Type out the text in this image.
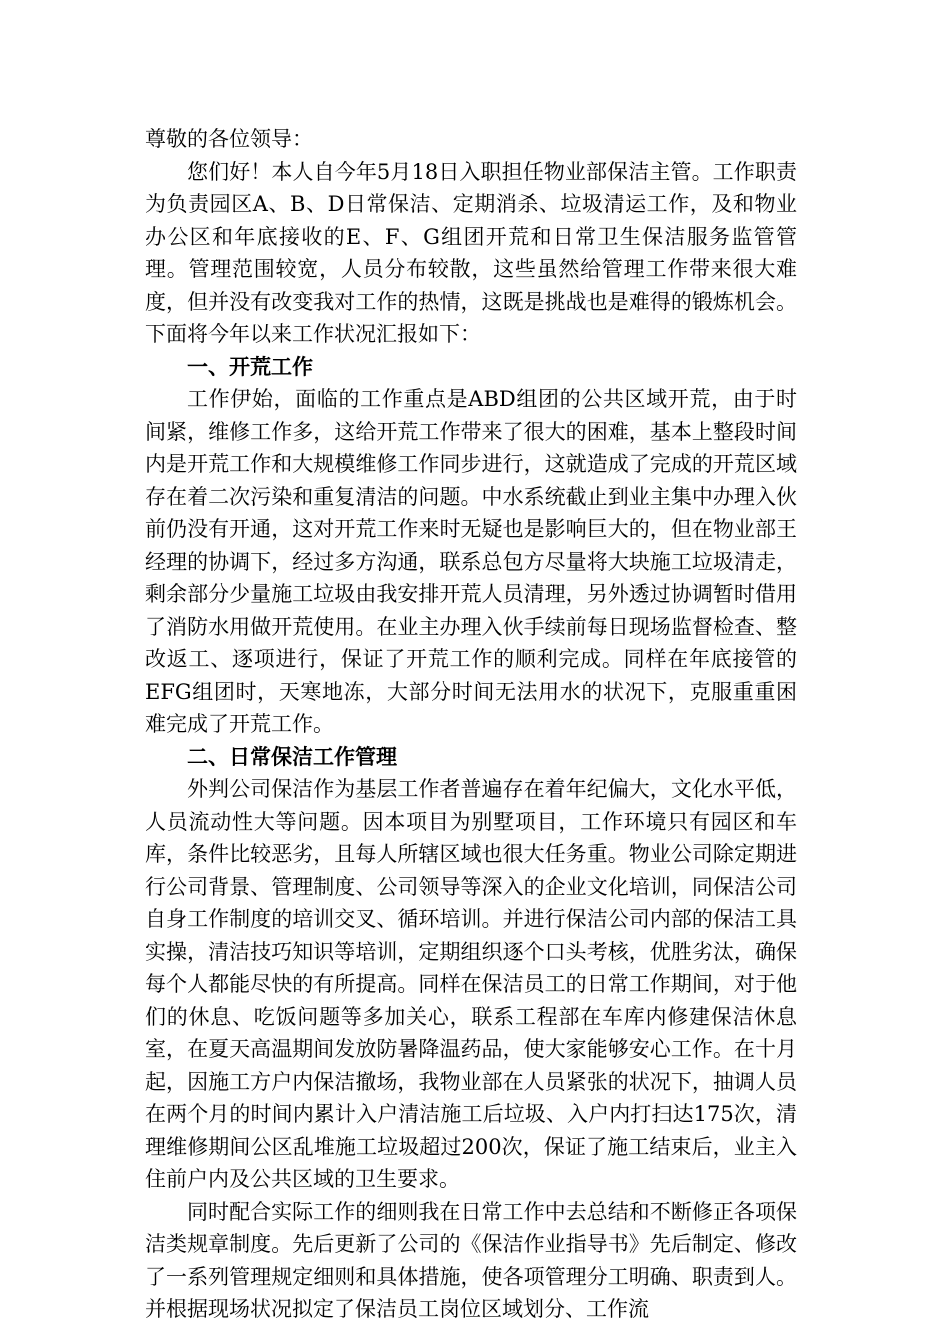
尊敬的各位领导：

您们好！本人自今年5月18日入职担任物业部保洁主管。工作职责为负责园区A、B、D日常保洁、定期消杀、垃圾清运工作，及和物业办公区和年底接收的E、F、G组团开荒和日常卫生保洁服务监管管理。管理范围较宽，人员分布较散，这些虽然给管理工作带来很大难度，但并没有改变我对工作的热情，这既是挑战也是难得的锻炼机会。下面将今年以来工作状况汇报如下：

一、开荒工作

工作伊始，面临的工作重点是ABD组团的公共区域开荒，由于时间紧，维修工作多，这给开荒工作带来了很大的困难，基本上整段时间内是开荒工作和大规模维修工作同步进行，这就造成了完成的开荒区域存在着二次污染和重复清洁的问题。中水系统截止到业主集中办理入伙前仍没有开通，这对开荒工作来时无疑也是影响巨大的，但在物业部王经理的协调下，经过多方沟通，联系总包方尽量将大块施工垃圾清走，剩余部分少量施工垃圾由我安排开荒人员清理，另外透过协调暂时借用了消防水用做开荒使用。在业主办理入伙手续前每日现场监督检查、整改返工、逐项进行，保证了开荒工作的顺利完成。同样在年底接管的EFG组团时，天寒地冻，大部分时间无法用水的状况下，克服重重困难完成了开荒工作。

二、日常保洁工作管理

外判公司保洁作为基层工作者普遍存在着年纪偏大，文化水平低，人员流动性大等问题。因本项目为别墅项目，工作环境只有园区和车库，条件比较恶劣，且每人所辖区域也很大任务重。物业公司除定期进行公司背景、管理制度、公司领导等深入的企业文化培训，同保洁公司自身工作制度的培训交叉、循环培训。并进行保洁公司内部的保洁工具实操，清洁技巧知识等培训，定期组织逐个口头考核，优胜劣汰，确保每个人都能尽快的有所提高。同样在保洁员工的日常工作期间，对于他们的休息、吃饭问题等多加关心，联系工程部在车库内修建保洁休息室，在夏天高温期间发放防暑降温药品，使大家能够安心工作。在十月起，因施工方户内保洁撤场，我物业部在人员紧张的状况下，抽调人员在两个月的时间内累计入户清洁施工后垃圾、入户内打扫达175次，清理维修期间公区乱堆施工垃圾超过200次，保证了施工结束后，业主入住前户内及公共区域的卫生要求。

同时配合实际工作的细则我在日常工作中去总结和不断修正各项保洁类规章制度。先后更新了公司的《保洁作业指导书》先后制定、修改了一系列管理规定细则和具体措施，使各项管理分工明确、职责到人。并根据现场状况拟定了保洁员工岗位区域划分、工作流
